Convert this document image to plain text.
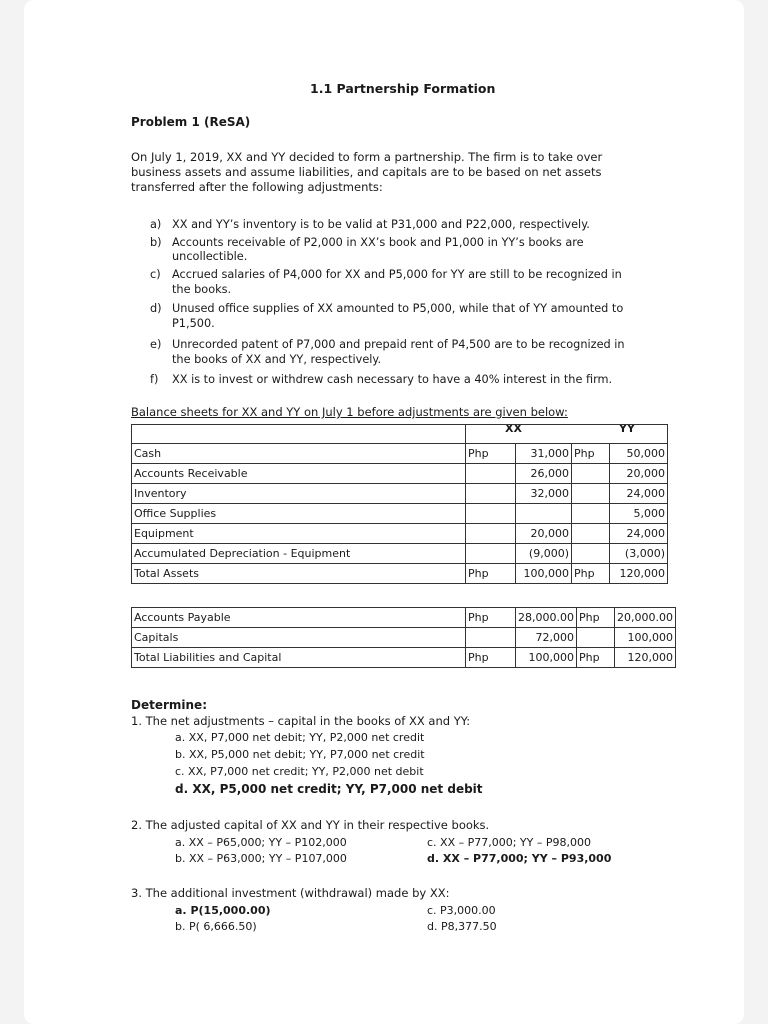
1.1 Partnership Formation
Problem 1 (ReSA)
On July 1, 2019, XX and YY decided to form a partnership. The firm is to take over
business assets and assume liabilities, and capitals are to be based on net assets
transferred after the following adjustments:
a) XX and YY’s inventory is to be valid at P31,000 and P22,000, respectively.
b) Accounts receivable of P2,000 in XX’s book and P1,000 in YY’s books are
uncollectible.
c) Accrued salaries of P4,000 for XX and P5,000 for YY are still to be recognized in
the books.
d) Unused office supplies of XX amounted to P5,000, while that of YY amounted to
P1,500.
e) Unrecorded patent of P7,000 and prepaid rent of P4,500 are to be recognized in
the books of XX and YY, respectively.
f) XX is to invest or withdrew cash necessary to have a 40% interest in the firm.
Balance sheets for XX and YY on July 1 before adjustments are given below:
XX	YY

Cash	Php	31,000	Php	50,000
Accounts Receivable		26,000		20,000
Inventory		32,000		24,000
Office Supplies				5,000
Equipment		20,000		24,000
Accumulated Depreciation - Equipment		(9,000)		(3,000)
Total Assets	Php	100,000	Php	120,000
Accounts Payable	Php	28,000.00	Php	20,000.00
Capitals		72,000		100,000
Total Liabilities and Capital	Php	100,000	Php	120,000
Determine:
1. The net adjustments – capital in the books of XX and YY:
a. XX, P7,000 net debit; YY, P2,000 net credit
b. XX, P5,000 net debit; YY, P7,000 net credit
c. XX, P7,000 net credit; YY, P2,000 net debit
d. XX, P5,000 net credit; YY, P7,000 net debit
2. The adjusted capital of XX and YY in their respective books.
a. XX – P65,000; YY – P102,000	c. XX – P77,000; YY – P98,000
b. XX – P63,000; YY – P107,000	d. XX – P77,000; YY – P93,000
3. The additional investment (withdrawal) made by XX:
a. P(15,000.00)	c. P3,000.00
b. P( 6,666.50)	d. P8,377.50
